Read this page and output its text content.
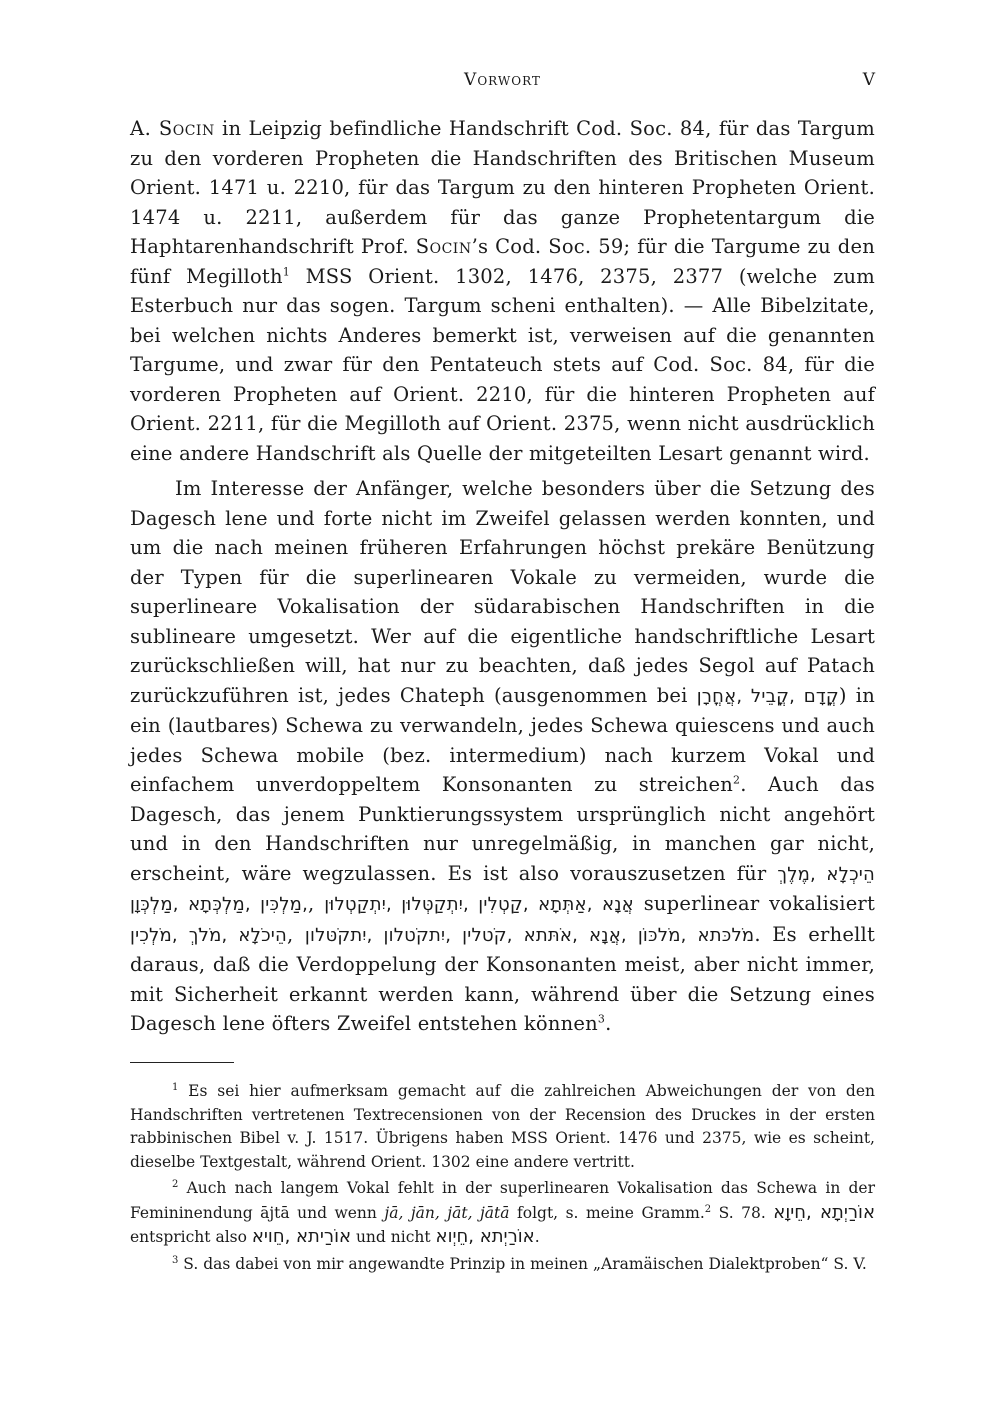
Vorwort	V

A. Socin in Leipzig befindliche Handschrift Cod. Soc. 84, für das Targum zu den vorderen Propheten die Handschriften des Britischen Museum Orient. 1471 u. 2210, für das Targum zu den hinteren Propheten Orient. 1474 u. 2211, außerdem für das ganze Prophetentargum die Haphtarenhandschrift Prof. Socin’s Cod. Soc. 59; für die Targume zu den fünf Megilloth$^1$ MSS Orient. 1302, 1476, 2375, 2377 (welche zum Esterbuch nur das sogen. Targum scheni enthalten). — Alle Bibelzitate, bei welchen nichts Anderes bemerkt ist, verweisen auf die genannten Targume, und zwar für den Pentateuch stets auf Cod. Soc. 84, für die vorderen Propheten auf Orient. 2210, für die hinteren Propheten auf Orient. 2211, für die Megilloth auf Orient. 2375, wenn nicht ausdrücklich eine andere Handschrift als Quelle der mitgeteilten Lesart genannt wird.

Im Interesse der Anfänger, welche besonders über die Setzung des Dagesch lene und forte nicht im Zweifel gelassen werden konnten, und um die nach meinen früheren Erfahrungen höchst prekäre Benützung der Typen für die superlinearen Vokale zu vermeiden, wurde die superlineare Vokalisation der südarabischen Handschriften in die sublineare umgesetzt. Wer auf die eigentliche handschriftliche Lesart zurückschließen will, hat nur zu beachten, daß jedes Segol auf Patach zurückzuführen ist, jedes Chateph (ausgenommen bei קֳדָם ,קֳבֵיל ,אֲחֳרָן) in ein (lautbares) Schewa zu verwandeln, jedes Schewa quiescens und auch jedes Schewa mobile (bez. intermedium) nach kurzem Vokal und einfachem unverdoppeltem Konsonanten zu streichen$^2$. Auch das Dagesch, das jenem Punktierungssystem ursprünglich nicht angehört und in den Handschriften nur unregelmäßig, in manchen gar nicht, erscheint, wäre wegzulassen. Es ist also vorauszusetzen für הֵיכְלָא ,מֶלֶךְ ,מַלְכִּין ,מַלְכְּתָא ,מַלְכְּוָן, אֲנָא ,אַתְּתָא ,קַטְלִין ,יִתְקַטְּלוּן ,יִתְקַטְלוּן superlinear vokalisiert הֵיכֹלָא ,מֹלֹךְ ,מֹלְכִין, מֹלכּתא ,מֹלכּוֹן ,אֲנָא ,אֹתּתא ,קֹטלין ,יִתקֹטלון ,יִתקֹטּלון. Es erhellt daraus, daß die Verdoppelung der Konsonanten meist, aber nicht immer, mit Sicherheit erkannt werden kann, während über die Setzung eines Dagesch lene öfters Zweifel entstehen können$^3$.

$^1$ Es sei hier aufmerksam gemacht auf die zahlreichen Abweichungen der von den Handschriften vertretenen Textrecensionen von der Recension des Druckes in der ersten rabbinischen Bibel v. J. 1517. Übrigens haben MSS Orient. 1476 und 2375, wie es scheint, dieselbe Textgestalt, während Orient. 1302 eine andere vertritt.

$^2$ Auch nach langem Vokal fehlt in der superlinearen Vokalisation das Schewa in der Femininendung ājtā und wenn jā, jān, jāt, jātā folgt, s. meine Gramm.$^2$ S. 78. אוֹרַיְתָא ,חֵיוָא entspricht also אוֹרַיתא ,חֵויא und nicht אוֹרַיְתא ,חֵיְוא.

$^3$ S. das dabei von mir angewandte Prinzip in meinen „Aramäischen Dialektproben“ S. V.
